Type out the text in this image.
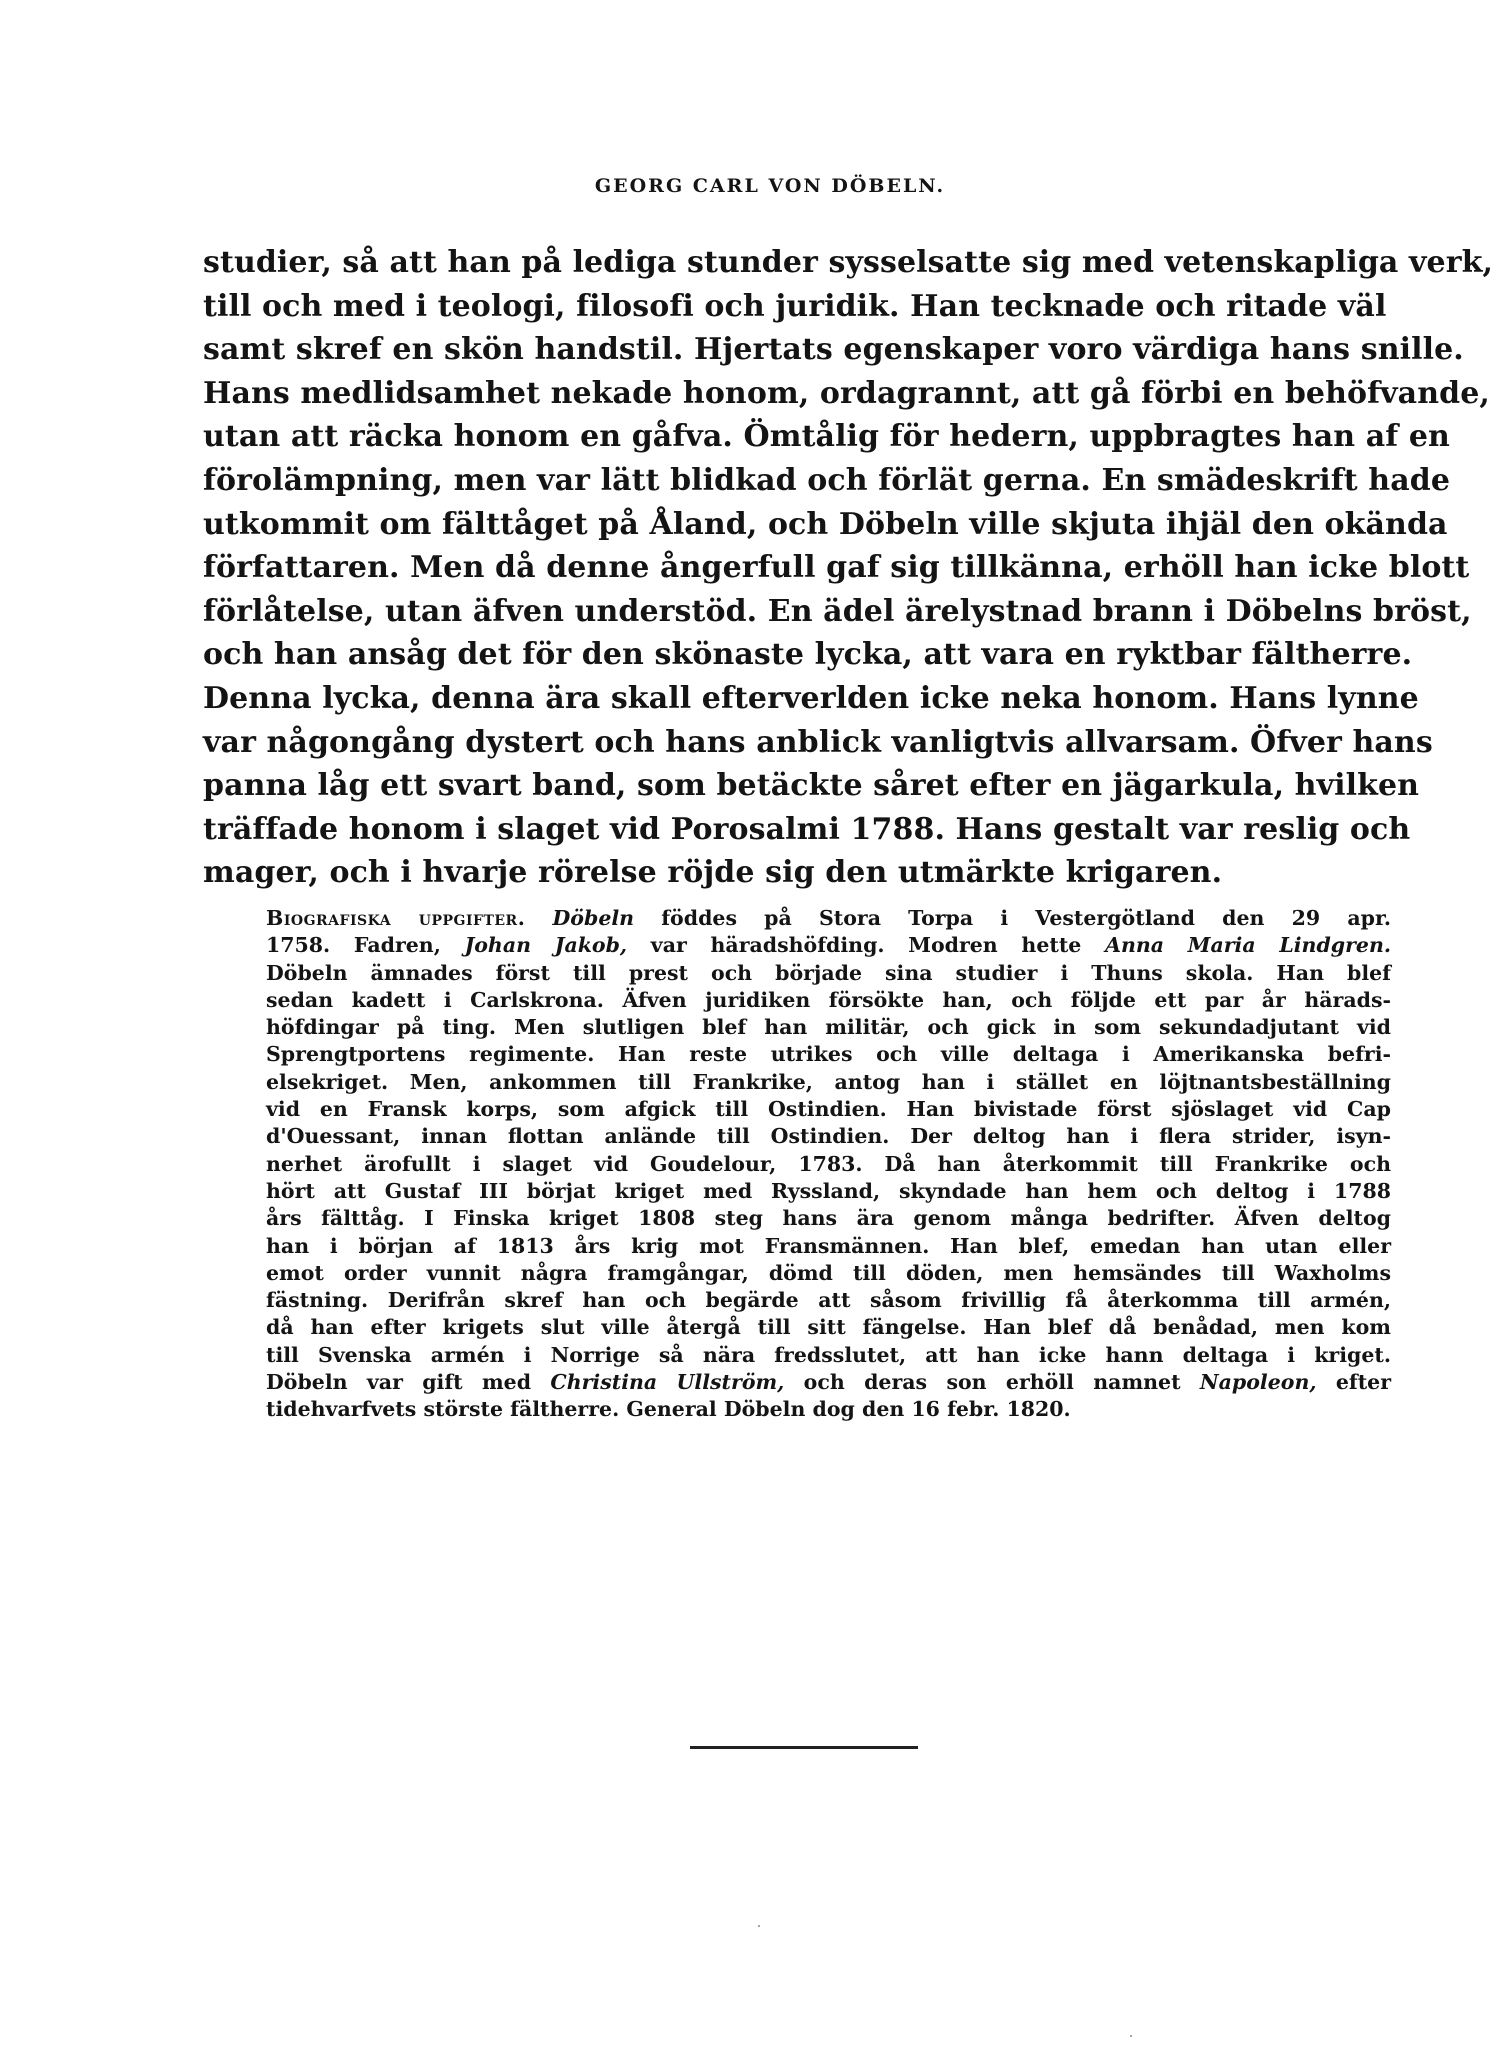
GEORG CARL VON DÖBELN.
studier, så att han på lediga stunder sysselsatte sig med vetenskapliga verk,
till och med i teologi, filosofi och juridik. Han tecknade och ritade väl
samt skref en skön handstil. Hjertats egenskaper voro värdiga hans snille.
Hans medlidsamhet nekade honom, ordagrannt, att gå förbi en behöfvande,
utan att räcka honom en gåfva. Ömtålig för hedern, uppbragtes han af en
förolämpning, men var lätt blidkad och förlät gerna. En smädeskrift hade
utkommit om fälttåget på Åland, och Döbeln ville skjuta ihjäl den okända
författaren. Men då denne ångerfull gaf sig tillkänna, erhöll han icke blott
förlåtelse, utan äfven understöd. En ädel ärelystnad brann i Döbelns bröst,
och han ansåg det för den skönaste lycka, att vara en ryktbar fältherre.
Denna lycka, denna ära skall efterverlden icke neka honom. Hans lynne
var någongång dystert och hans anblick vanligtvis allvarsam. Öfver hans
panna låg ett svart band, som betäckte såret efter en jägarkula, hvilken
träffade honom i slaget vid Porosalmi 1788. Hans gestalt var reslig och
mager, och i hvarje rörelse röjde sig den utmärkte krigaren.
Biografiska uppgifter. Döbeln föddes på Stora Torpa i Vestergötland den 29 apr.
1758. Fadren, Johan Jakob, var häradshöfding. Modren hette Anna Maria Lindgren.
Döbeln ämnades först till prest och började sina studier i Thuns skola. Han blef
sedan kadett i Carlskrona. Äfven juridiken försökte han, och följde ett par år härads-
höfdingar på ting. Men slutligen blef han militär, och gick in som sekundadjutant vid
Sprengtportens regimente. Han reste utrikes och ville deltaga i Amerikanska befri-
elsekriget. Men, ankommen till Frankrike, antog han i stället en löjtnantsbeställning
vid en Fransk korps, som afgick till Ostindien. Han bivistade först sjöslaget vid Cap
d'Ouessant, innan flottan anlände till Ostindien. Der deltog han i flera strider, isyn-
nerhet ärofullt i slaget vid Goudelour, 1783. Då han återkommit till Frankrike och
hört att Gustaf III börjat kriget med Ryssland, skyndade han hem och deltog i 1788
års fälttåg. I Finska kriget 1808 steg hans ära genom många bedrifter. Äfven deltog
han i början af 1813 års krig mot Fransmännen. Han blef, emedan han utan eller
emot order vunnit några framgångar, dömd till döden, men hemsändes till Waxholms
fästning. Derifrån skref han och begärde att såsom frivillig få återkomma till armén,
då han efter krigets slut ville återgå till sitt fängelse. Han blef då benådad, men kom
till Svenska armén i Norrige så nära fredsslutet, att han icke hann deltaga i kriget.
Döbeln var gift med Christina Ullström, och deras son erhöll namnet Napoleon, efter
tidehvarfvets störste fältherre. General Döbeln dog den 16 febr. 1820.
